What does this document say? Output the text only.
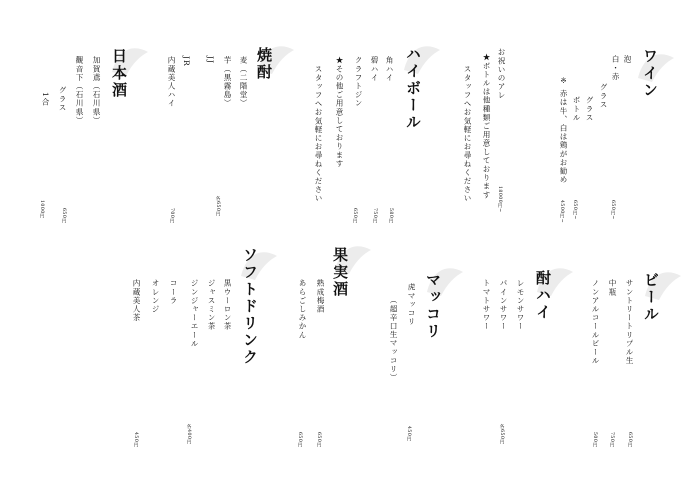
ワイン
泡
白・赤
グラス
グラス
ボトル
※ 赤は牛、白は鶏がお勧め
650円~
650円~
4500円~
お祝いのアレ
★ボトルは他種類ご用意しております
スタッフへお気軽にお尋ねください	18000円~
ハイボール
角ハイ
碧ハイ
クラフトジン
★その他ご用意しております
スタッフへお気軽にお尋ねください
580円
750円
650円
焼酎
麦（二階堂）
芋（黒霧島）
JJ
JR
内蔵美人ハイ
各650円
700円
日本酒
加賀鳶（石川県）
觀音下（石川県）
グラス
1合
650円
1000円
ビール
サントリートリプル生
中瓶
ノンアルコールビール
650円
750円
500円
酎ハイ
レモンサワー
パインサワー
トマトサワー
各650円
マッコリ
虎マッコリ
（超辛口生マッコリ）
450円
果実酒
熟成梅酒
あらごしみかん
650円
650円
ソフトドリンク
黒ウーロン茶
ジャスミン茶
ジンジャーエール
コーラ
オレンジ
内蔵美人茶
各400円
450円
